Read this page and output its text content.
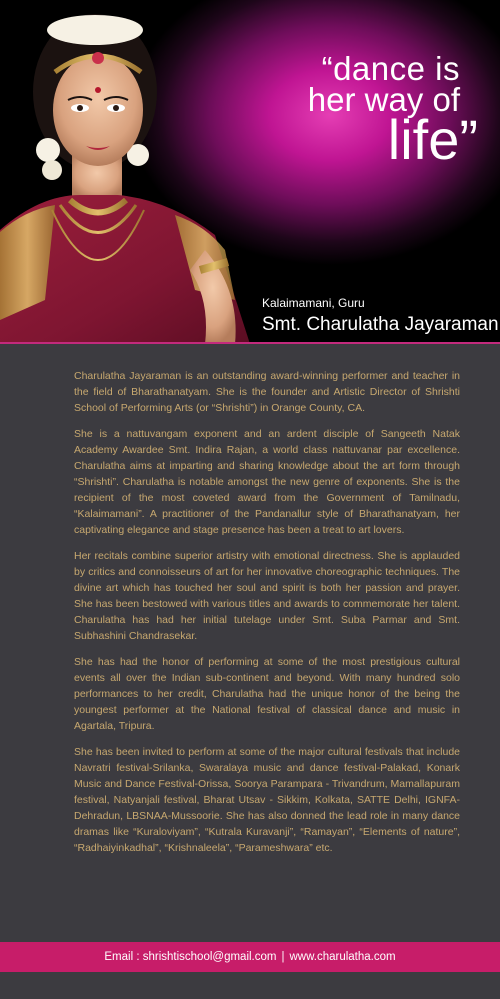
“dance is
her way of
life”
Kalaimamani, Guru
Smt. Charulatha Jayaraman

Charulatha Jayaraman is an outstanding award-winning performer and teacher in the field of Bharathanatyam. She is the founder and Artistic Director of Shrishti School of Performing Arts (or “Shrishti”) in Orange County, CA.

She is a nattuvangam exponent and an ardent disciple of Sangeeth Natak Academy Awardee Smt. Indira Rajan, a world class nattuvanar par excellence. Charulatha aims at imparting and sharing knowledge about the art form through “Shrishti”. Charulatha is notable amongst the new genre of exponents. She is the recipient of the most coveted award from the Government of Tamilnadu, “Kalaimamani”. A practitioner of the Pandanallur style of Bharathanatyam, her captivating elegance and stage presence has been a treat to art lovers.

Her recitals combine superior artistry with emotional directness. She is applauded by critics and connoisseurs of art for her innovative choreographic techniques. The divine art which has touched her soul and spirit is both her passion and prayer. She has been bestowed with various titles and awards to commemorate her talent. Charulatha has had her initial tutelage under Smt. Suba Parmar and Smt. Subhashini Chandrasekar.

She has had the honor of performing at some of the most prestigious cultural events all over the Indian sub-continent and beyond. With many hundred solo performances to her credit, Charulatha had the unique honor of the being the youngest performer at the National festival of classical dance and music in Agartala, Tripura.

She has been invited to perform at some of the major cultural festivals that include Navratri festival-Srilanka, Swaralaya music and dance festival-Palakad, Konark Music and Dance Festival-Orissa, Soorya Parampara - Trivandrum, Mamallapuram festival, Natyanjali festival, Bharat Utsav - Sikkim, Kolkata, SATTE Delhi, IGNFA-Dehradun, LBSNAA-Mussoorie. She has also donned the lead role in many dance dramas like “Kuraloviyam”, “Kutrala Kuravanji”, “Ramayan”, “Elements of nature”, “Radhaiyinkadhal”, “Krishnaleela”, “Parameshwara” etc.

Email : shrishtischool@gmail.com | www.charulatha.com
